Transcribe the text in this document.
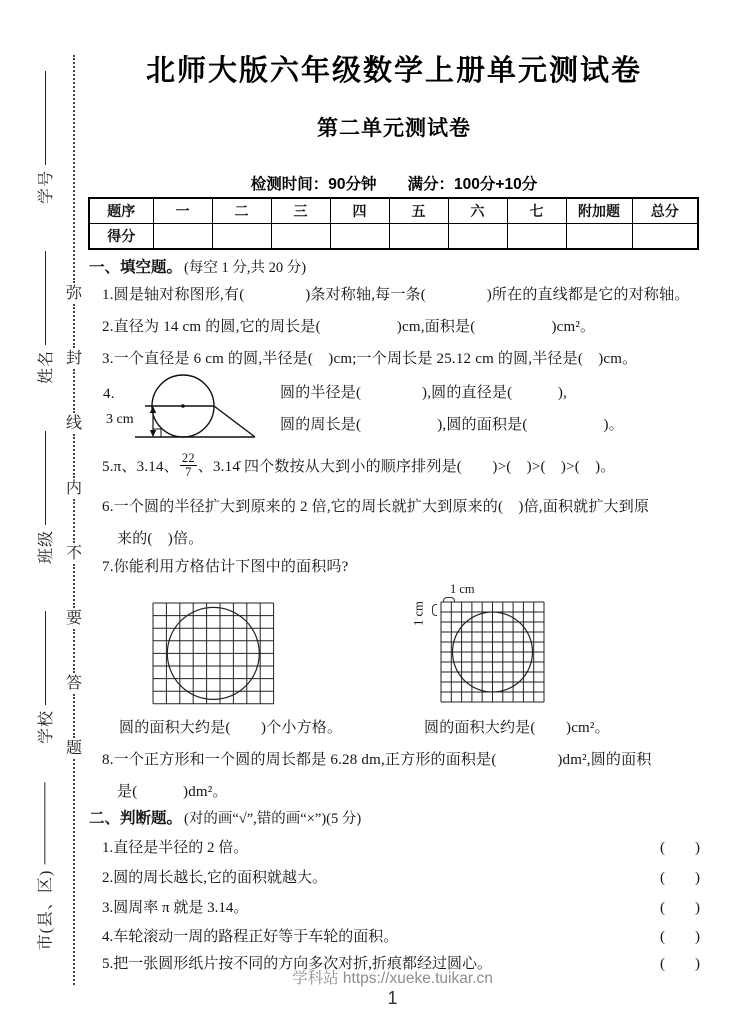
学号
姓名
班级
学校
市(县、区)
弥
封
线
内
不
要
答
题
北师大版六年级数学上册单元测试卷
第二单元测试卷
检测时间：90分钟　　满分：100分+10分
题序	一	二	三	四	五	六	七	附加题	总分
得分									
一、填空题。 (每空 1 分,共 20 分)
1.圆是轴对称图形,有(　　　　)条对称轴,每一条(　　　　)所在的直线都是它的对称轴。
2.直径为 14 cm 的圆,它的周长是(　　　　　)cm,面积是(　　　　　)cm²。
3.一个直径是 6 cm 的圆,半径是(　)cm;一个周长是 25.12 cm 的圆,半径是(　)cm。
4.
3 cm
圆的半径是(　　　　),圆的直径是(　　　),
圆的周长是(　　　　　),圆的面积是(　　　　　)。
5.π、3.14、 $\frac{22}{7}$ 、3.14̇ 四个数按从大到小的顺序排列是(　　)>(　)>(　)>(　)。
6.一个圆的半径扩大到原来的 2 倍,它的周长就扩大到原来的(　)倍,面积就扩大到原
来的(　)倍。
7.你能利用方格估计下图中的面积吗?
1 cm
1 cm
圆的面积大约是(　　)个小方格。	圆的面积大约是(　　)cm²。
8.一个正方形和一个圆的周长都是 6.28 dm,正方形的面积是(　　　　)dm²,圆的面积
是(　　　)dm²。
二、判断题。 (对的画“√”,错的画“×”)(5 分)
1.直径是半径的 2 倍。	(　　)
2.圆的周长越长,它的面积就越大。	(　　)
3.圆周率 π 就是 3.14。	(　　)
4.车轮滚动一周的路程正好等于车轮的面积。	(　　)
5.把一张圆形纸片按不同的方向多次对折,折痕都经过圆心。	(　　)
学科站 https://xueke.tuikar.cn
1
